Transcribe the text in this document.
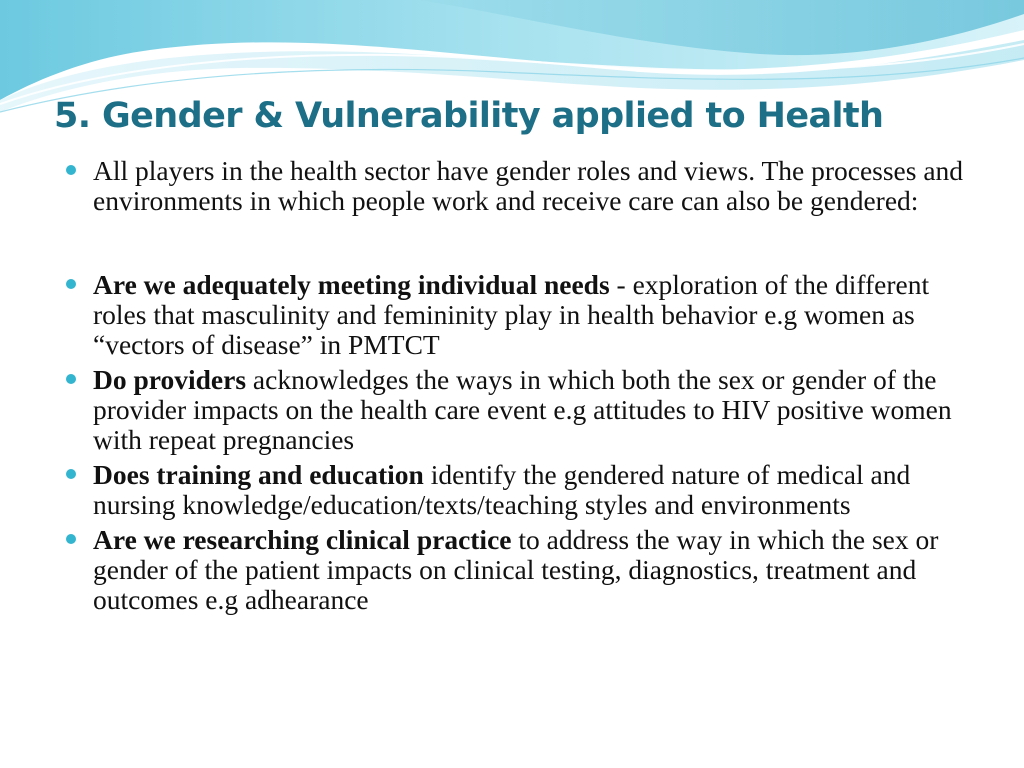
5. Gender & Vulnerability applied to Health
All players in the health sector have gender roles and views. The processes and environments in which people work and receive care can also be gendered:
Are we adequately meeting individual needs - exploration of the different roles that masculinity and femininity play in health behavior e.g women as “vectors of disease” in PMTCT
Do providers acknowledges the ways in which both the sex or gender of the provider impacts on the health care event e.g attitudes to HIV positive women with repeat pregnancies
Does training and education identify the gendered nature of medical and nursing knowledge/education/texts/teaching styles and environments
Are we researching clinical practice to address the way in which the sex or gender of the patient impacts on clinical testing, diagnostics, treatment and outcomes e.g adhearance
